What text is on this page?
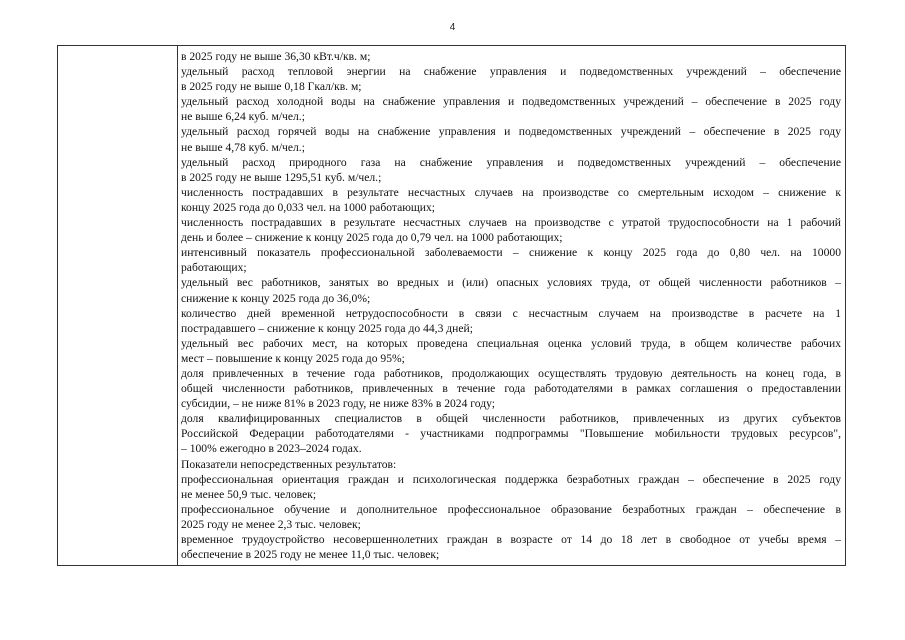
4
в 2025 году не выше 36,30 кВт.ч/кв. м;
удельный расход тепловой энергии на снабжение управления и подведомственных учреждений – обеспечение
в 2025 году не выше 0,18 Гкал/кв. м;
удельный расход холодной воды на снабжение управления и подведомственных учреждений – обеспечение в 2025 году
не выше 6,24 куб. м/чел.;
удельный расход горячей воды на снабжение управления и подведомственных учреждений – обеспечение в 2025 году
не выше 4,78 куб. м/чел.;
удельный расход природного газа на снабжение управления и подведомственных учреждений – обеспечение
в 2025 году не выше 1295,51 куб. м/чел.;
численность пострадавших в результате несчастных случаев на производстве со смертельным исходом – снижение к
концу 2025 года до 0,033 чел. на 1000 работающих;
численность пострадавших в результате несчастных случаев на производстве с утратой трудоспособности на 1 рабочий
день и более – снижение к концу 2025 года до 0,79 чел. на 1000 работающих;
интенсивный показатель профессиональной заболеваемости – снижение к концу 2025 года до 0,80 чел. на 10000
работающих;
удельный вес работников, занятых во вредных и (или) опасных условиях труда, от общей численности работников –
снижение к концу 2025 года до 36,0%;
количество дней временной нетрудоспособности в связи с несчастным случаем на производстве в расчете на 1
пострадавшего – снижение к концу 2025 года до 44,3 дней;
удельный вес рабочих мест, на которых проведена специальная оценка условий труда, в общем количестве рабочих
мест – повышение к концу 2025 года до 95%;
доля привлеченных в течение года работников, продолжающих осуществлять трудовую деятельность на конец года, в
общей численности работников, привлеченных в течение года работодателями в рамках соглашения о предоставлении
субсидии, – не ниже 81% в 2023 году, не ниже 83% в 2024 году;
доля квалифицированных специалистов в общей численности работников, привлеченных из других субъектов
Российской Федерации работодателями - участниками подпрограммы "Повышение мобильности трудовых ресурсов",
– 100% ежегодно в 2023–2024 годах.
Показатели непосредственных результатов:
профессиональная ориентация граждан и психологическая поддержка безработных граждан – обеспечение в 2025 году
не менее 50,9 тыс. человек;
профессиональное обучение и дополнительное профессиональное образование безработных граждан – обеспечение в
2025 году не менее 2,3 тыс. человек;
временное трудоустройство несовершеннолетних граждан в возрасте от 14 до 18 лет в свободное от учебы время –
обеспечение в 2025 году не менее 11,0 тыс. человек;
